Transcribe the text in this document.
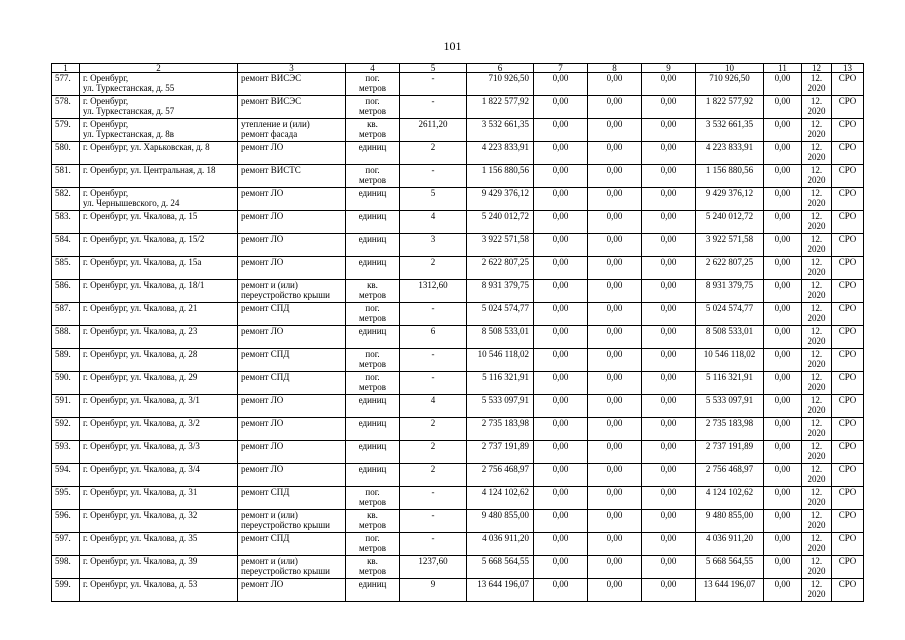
101
1	2	3	4	5	6	7	8	9	10	11	12	13
577.	г. Оренбург,
ул. Туркестанская, д. 55	ремонт ВИСЭС	пог.
метров	-	710 926,50	0,00	0,00	0,00	710 926,50	0,00	12.
2020	СРО
578.	г. Оренбург,
ул. Туркестанская, д. 57	ремонт ВИСЭС	пог.
метров	-	1 822 577,92	0,00	0,00	0,00	1 822 577,92	0,00	12.
2020	СРО
579.	г. Оренбург,
ул. Туркестанская, д. 8в	утепление и (или)
ремонт фасада	кв.
метров	2611,20	3 532 661,35	0,00	0,00	0,00	3 532 661,35	0,00	12.
2020	СРО
580.	г. Оренбург, ул. Харьковская, д. 8	ремонт ЛО	единиц	2	4 223 833,91	0,00	0,00	0,00	4 223 833,91	0,00	12.
2020	СРО
581.	г. Оренбург, ул. Центральная, д. 18	ремонт ВИСТС	пог.
метров	-	1 156 880,56	0,00	0,00	0,00	1 156 880,56	0,00	12.
2020	СРО
582.	г. Оренбург,
ул. Чернышевского, д. 24	ремонт ЛО	единиц	5	9 429 376,12	0,00	0,00	0,00	9 429 376,12	0,00	12.
2020	СРО
583.	г. Оренбург, ул. Чкалова, д. 15	ремонт ЛО	единиц	4	5 240 012,72	0,00	0,00	0,00	5 240 012,72	0,00	12.
2020	СРО
584.	г. Оренбург, ул. Чкалова, д. 15/2	ремонт ЛО	единиц	3	3 922 571,58	0,00	0,00	0,00	3 922 571,58	0,00	12.
2020	СРО
585.	г. Оренбург, ул. Чкалова, д. 15а	ремонт ЛО	единиц	2	2 622 807,25	0,00	0,00	0,00	2 622 807,25	0,00	12.
2020	СРО
586.	г. Оренбург, ул. Чкалова, д. 18/1	ремонт и (или)
переустройство крыши	кв.
метров	1312,60	8 931 379,75	0,00	0,00	0,00	8 931 379,75	0,00	12.
2020	СРО
587.	г. Оренбург, ул. Чкалова, д. 21	ремонт СПД	пог.
метров	-	5 024 574,77	0,00	0,00	0,00	5 024 574,77	0,00	12.
2020	СРО
588.	г. Оренбург, ул. Чкалова, д. 23	ремонт ЛО	единиц	6	8 508 533,01	0,00	0,00	0,00	8 508 533,01	0,00	12.
2020	СРО
589.	г. Оренбург, ул. Чкалова, д. 28	ремонт СПД	пог.
метров	-	10 546 118,02	0,00	0,00	0,00	10 546 118,02	0,00	12.
2020	СРО
590.	г. Оренбург, ул. Чкалова, д. 29	ремонт СПД	пог.
метров	-	5 116 321,91	0,00	0,00	0,00	5 116 321,91	0,00	12.
2020	СРО
591.	г. Оренбург, ул. Чкалова, д. 3/1	ремонт ЛО	единиц	4	5 533 097,91	0,00	0,00	0,00	5 533 097,91	0,00	12.
2020	СРО
592.	г. Оренбург, ул. Чкалова, д. 3/2	ремонт ЛО	единиц	2	2 735 183,98	0,00	0,00	0,00	2 735 183,98	0,00	12.
2020	СРО
593.	г. Оренбург, ул. Чкалова, д. 3/3	ремонт ЛО	единиц	2	2 737 191,89	0,00	0,00	0,00	2 737 191,89	0,00	12.
2020	СРО
594.	г. Оренбург, ул. Чкалова, д. 3/4	ремонт ЛО	единиц	2	2 756 468,97	0,00	0,00	0,00	2 756 468,97	0,00	12.
2020	СРО
595.	г. Оренбург, ул. Чкалова, д. 31	ремонт СПД	пог.
метров	-	4 124 102,62	0,00	0,00	0,00	4 124 102,62	0,00	12.
2020	СРО
596.	г. Оренбург, ул. Чкалова, д. 32	ремонт и (или)
переустройство крыши	кв.
метров	-	9 480 855,00	0,00	0,00	0,00	9 480 855,00	0,00	12.
2020	СРО
597.	г. Оренбург, ул. Чкалова, д. 35	ремонт СПД	пог.
метров	-	4 036 911,20	0,00	0,00	0,00	4 036 911,20	0,00	12.
2020	СРО
598.	г. Оренбург, ул. Чкалова, д. 39	ремонт и (или)
переустройство крыши	кв.
метров	1237,60	5 668 564,55	0,00	0,00	0,00	5 668 564,55	0,00	12.
2020	СРО
599.	г. Оренбург, ул. Чкалова, д. 53	ремонт ЛО	единиц	9	13 644 196,07	0,00	0,00	0,00	13 644 196,07	0,00	12.
2020	СРО
